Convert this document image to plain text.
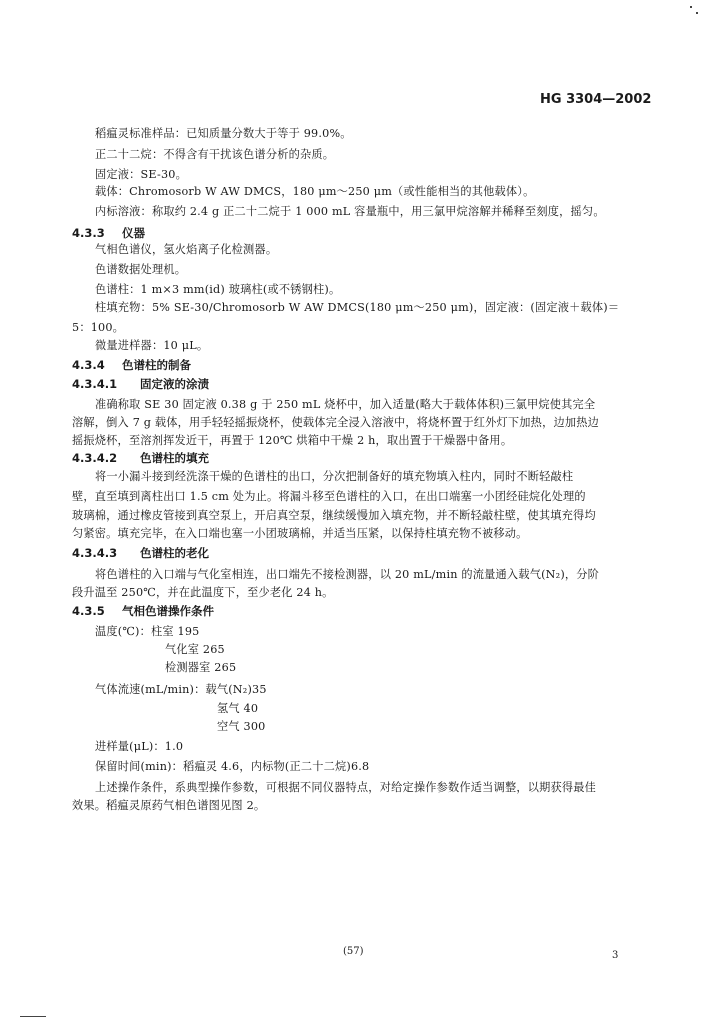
HG 3304—2002
稻瘟灵标准样品：已知质量分数大于等于 99.0%。
正二十二烷：不得含有干扰该色谱分析的杂质。
固定液：SE-30。
载体：Chromosorb W AW DMCS，180 μm～250 μm（或性能相当的其他载体）。
内标溶液：称取约 2.4 g 正二十二烷于 1 000 mL 容量瓶中，用三氯甲烷溶解并稀释至刻度，摇匀。
4.3.3 仪器
气相色谱仪，氢火焰离子化检测器。
色谱数据处理机。
色谱柱：1 m×3 mm(id) 玻璃柱(或不锈钢柱)。
柱填充物：5% SE-30/Chromosorb W AW DMCS(180 μm～250 μm)，固定液：(固定液＋载体)＝
5：100。
微量进样器：10 μL。
4.3.4 色谱柱的制备
4.3.4.1 固定液的涂渍
准确称取 SE 30 固定液 0.38 g 于 250 mL 烧杯中，加入适量(略大于载体体积)三氯甲烷使其完全
溶解，倒入 7 g 载体，用手轻轻摇振烧杯，使载体完全浸入溶液中，将烧杯置于红外灯下加热，边加热边
摇振烧杯，至溶剂挥发近干，再置于 120℃ 烘箱中干燥 2 h，取出置于干燥器中备用。
4.3.4.2 色谱柱的填充
将一小漏斗接到经洗涤干燥的色谱柱的出口，分次把制备好的填充物填入柱内，同时不断轻敲柱
壁，直至填到离柱出口 1.5 cm 处为止。将漏斗移至色谱柱的入口，在出口端塞一小团经硅烷化处理的
玻璃棉，通过橡皮管接到真空泵上，开启真空泵，继续缓慢加入填充物，并不断轻敲柱壁，使其填充得均
匀紧密。填充完毕，在入口端也塞一小团玻璃棉，并适当压紧，以保持柱填充物不被移动。
4.3.4.3 色谱柱的老化
将色谱柱的入口端与气化室相连，出口端先不接检测器，以 20 mL/min 的流量通入载气(N₂)，分阶
段升温至 250℃，并在此温度下，至少老化 24 h。
4.3.5 气相色谱操作条件
温度(℃)：柱室 195
气化室 265
检测器室 265
气体流速(mL/min)：载气(N₂)35
氢气 40
空气 300
进样量(μL)：1.0
保留时间(min)：稻瘟灵 4.6，内标物(正二十二烷)6.8
上述操作条件，系典型操作参数，可根据不同仪器特点，对给定操作参数作适当调整，以期获得最佳
效果。稻瘟灵原药气相色谱图见图 2。
(57)	3
